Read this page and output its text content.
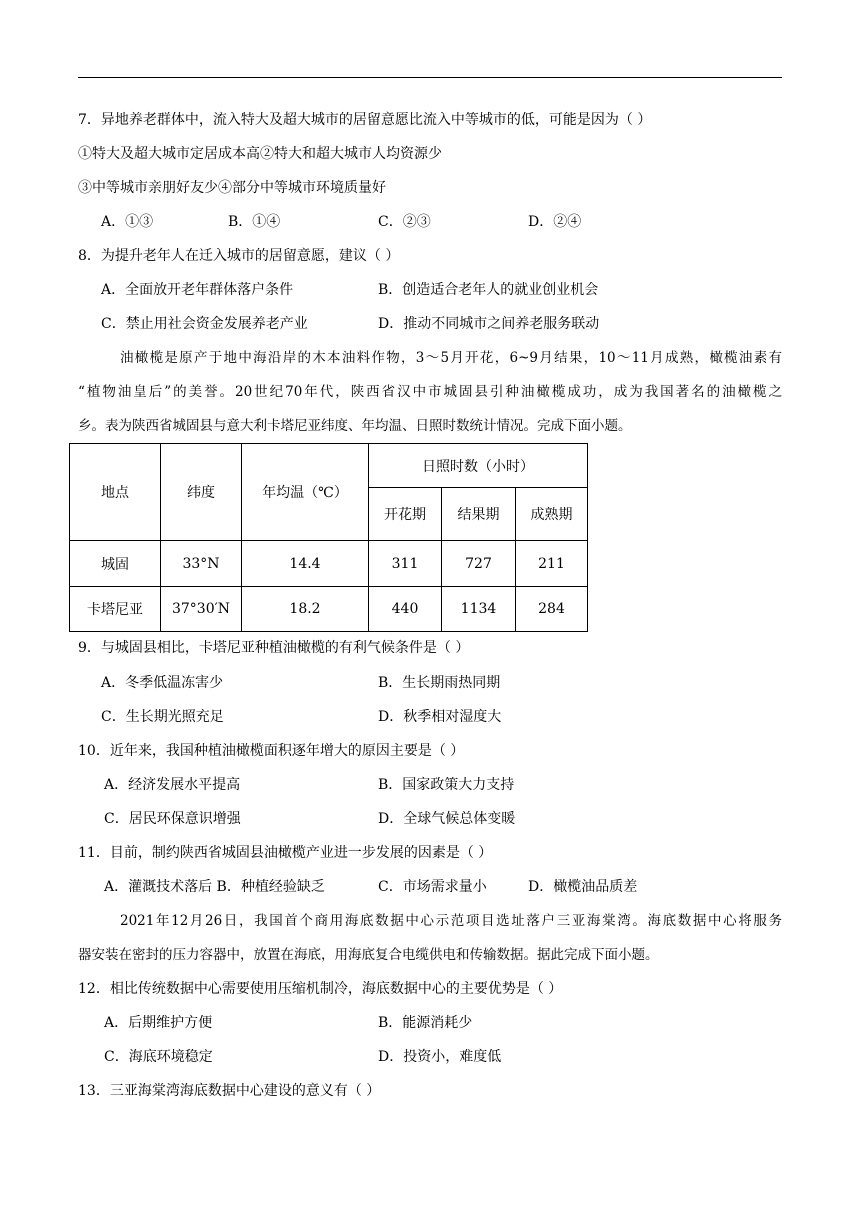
7．异地养老群体中，流入特大及超大城市的居留意愿比流入中等城市的低，可能是因为（ ）
①特大及超大城市定居成本高②特大和超大城市人均资源少
③中等城市亲朋好友少④部分中等城市环境质量好
A．①③	B．①④	C．②③	D．②④
8．为提升老年人在迁入城市的居留意愿，建议（ ）
A．全面放开老年群体落户条件	B．创造适合老年人的就业创业机会
C．禁止用社会资金发展养老产业	D．推动不同城市之间养老服务联动
油橄榄是原产于地中海沿岸的木本油料作物，3～5月开花，6~9月结果，10～11月成熟，橄榄油素有
“植物油皇后”的美誉。20世纪70年代，陕西省汉中市城固县引种油橄榄成功，成为我国著名的油橄榄之
乡。表为陕西省城固县与意大利卡塔尼亚纬度、年均温、日照时数统计情况。完成下面小题。
地点	纬度	年均温（℃）	日照时数（小时）		
			开花期	结果期	成熟期
城固	33°N	14.4	311	727	211
卡塔尼亚	37°30′N	18.2	440	1134	284
9．与城固县相比，卡塔尼亚种植油橄榄的有利气候条件是（ ）
A．冬季低温冻害少	B．生长期雨热同期
C．生长期光照充足	D．秋季相对湿度大
10．近年来，我国种植油橄榄面积逐年增大的原因主要是（ ）
A．经济发展水平提高	B．国家政策大力支持
C．居民环保意识增强	D．全球气候总体变暖
11．目前，制约陕西省城固县油橄榄产业进一步发展的因素是（ ）
A．灌溉技术落后 B．种植经验缺乏	C．市场需求量小	D．橄榄油品质差
2021年12月26日，我国首个商用海底数据中心示范项目选址落户三亚海棠湾。海底数据中心将服务
器安装在密封的压力容器中，放置在海底，用海底复合电缆供电和传输数据。据此完成下面小题。
12．相比传统数据中心需要使用压缩机制冷，海底数据中心的主要优势是（ ）
A．后期维护方便	B．能源消耗少
C．海底环境稳定	D．投资小，难度低
13．三亚海棠湾海底数据中心建设的意义有（ ）
